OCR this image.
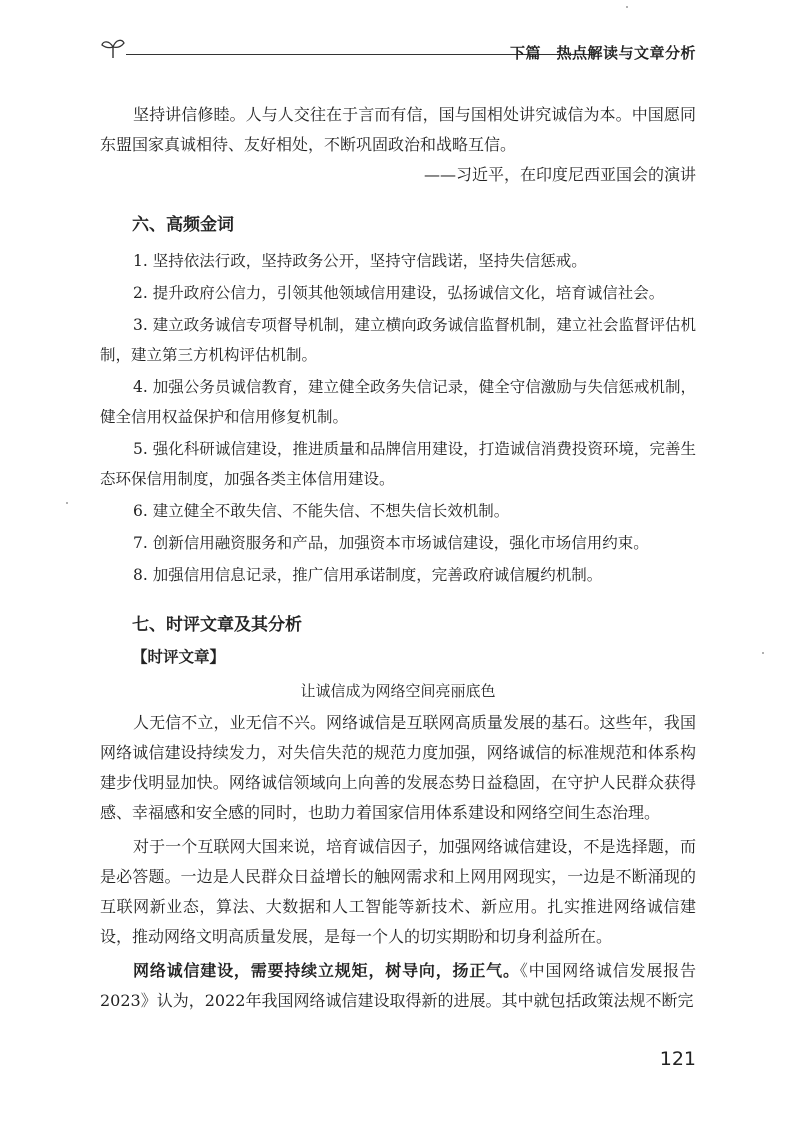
下篇　热点解读与文章分析

坚持讲信修睦。人与人交往在于言而有信，国与国相处讲究诚信为本。中国愿同东盟国家真诚相待、友好相处，不断巩固政治和战略互信。

——习近平，在印度尼西亚国会的演讲
六、高频金词

1. 坚持依法行政，坚持政务公开，坚持守信践诺，坚持失信惩戒。

2. 提升政府公信力，引领其他领域信用建设，弘扬诚信文化，培育诚信社会。

3. 建立政务诚信专项督导机制，建立横向政务诚信监督机制，建立社会监督评估机制，建立第三方机构评估机制。

4. 加强公务员诚信教育，建立健全政务失信记录，健全守信激励与失信惩戒机制，健全信用权益保护和信用修复机制。

5. 强化科研诚信建设，推进质量和品牌信用建设，打造诚信消费投资环境，完善生态环保信用制度，加强各类主体信用建设。

6. 建立健全不敢失信、不能失信、不想失信长效机制。

7. 创新信用融资服务和产品，加强资本市场诚信建设，强化市场信用约束。

8. 加强信用信息记录，推广信用承诺制度，完善政府诚信履约机制。

七、时评文章及其分析
【时评文章】
让诚信成为网络空间亮丽底色

人无信不立，业无信不兴。网络诚信是互联网高质量发展的基石。这些年，我国网络诚信建设持续发力，对失信失范的规范力度加强，网络诚信的标准规范和体系构建步伐明显加快。网络诚信领域向上向善的发展态势日益稳固，在守护人民群众获得感、幸福感和安全感的同时，也助力着国家信用体系建设和网络空间生态治理。

对于一个互联网大国来说，培育诚信因子，加强网络诚信建设，不是选择题，而是必答题。一边是人民群众日益增长的触网需求和上网用网现实，一边是不断涌现的互联网新业态，算法、大数据和人工智能等新技术、新应用。扎实推进网络诚信建设，推动网络文明高质量发展，是每一个人的切实期盼和切身利益所在。

网络诚信建设，需要持续立规矩，树导向，扬正气。《中国网络诚信发展报告2023》认为，2022年我国网络诚信建设取得新的进展。其中就包括政策法规不断完

121
